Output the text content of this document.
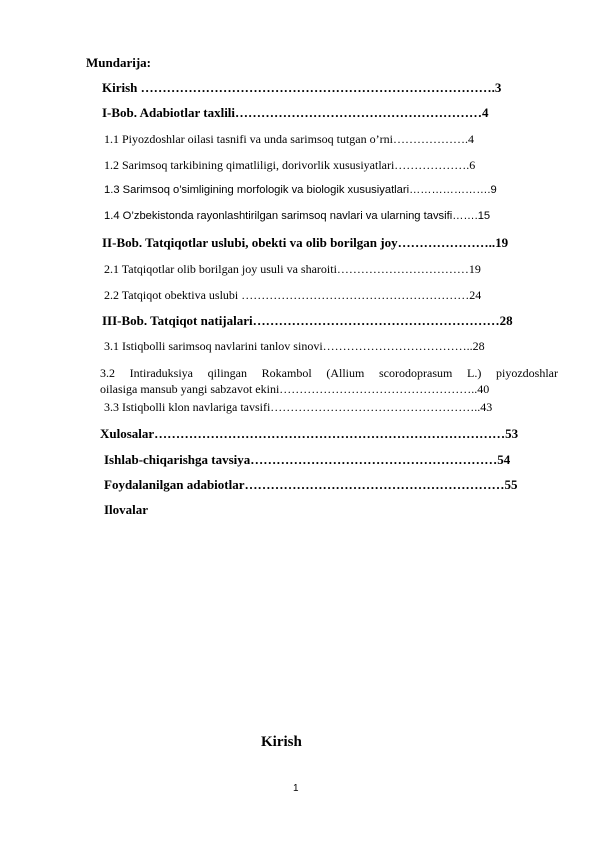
Mundarija:
Kirish ……………………………………………………………………….3
I-Bob. Adabiotlar taxlili…………………………………………………4
1.1 Piyozdoshlar oilasi tasnifi va unda sarimsoq tutgan o’rni……………….4
1.2 Sarimsoq tarkibining qimatliligi, dorivorlik xususiyatlari……………….6
1.3 Sarimsoq o’simligining morfologik va biologik xususiyatlari………………….9
1.4 O’zbekistonda rayonlashtirilgan sarimsoq navlari va ularning tavsifi…….15
II-Bob. Tatqiqotlar uslubi, obekti va olib borilgan joy…………………..19
2.1 Tatqiqotlar olib borilgan joy usuli va sharoiti……………………………19
2.2 Tatqiqot obektiva uslubi …………………………………………………24
III-Bob. Tatqiqot natijalari…………………………………………………28
3.1 Istiqbolli sarimsoq navlarini tanlov sinovi………………………………..28
3.2 Intiraduksiya qilingan Rokambol (Allium scorodoprasum L.) piyozdoshlar
oilasiga mansub yangi sabzavot ekini…………………………………………..40
3.3 Istiqbolli klon navlariga tavsifi……………………………………………..43
Xulosalar………………………………………………………………………53
Ishlab-chiqarishga tavsiya…………………………………………………54
Foydalanilgan adabiotlar……………………………………………………55
Ilovalar
Kirish
1
